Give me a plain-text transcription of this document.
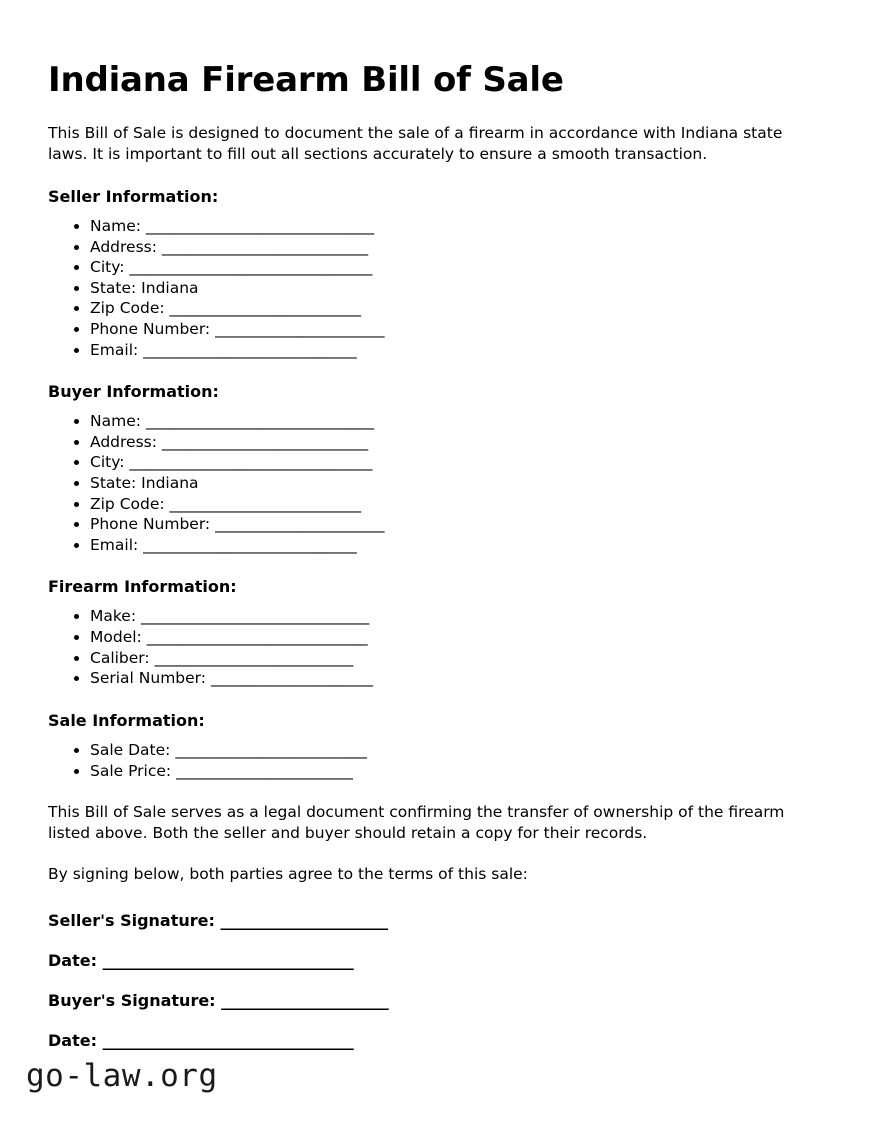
Indiana Firearm Bill of Sale

This Bill of Sale is designed to document the sale of a firearm in accordance with Indiana state laws. It is important to fill out all sections accurately to ensure a smooth transaction.

Seller Information:
• Name: _______________________________
• Address: ____________________________
• City: _________________________________
• State: Indiana
• Zip Code: __________________________
• Phone Number: _______________________
• Email: _____________________________
Buyer Information:
• Name: _______________________________
• Address: ____________________________
• City: _________________________________
• State: Indiana
• Zip Code: __________________________
• Phone Number: _______________________
• Email: _____________________________
Firearm Information:
• Make: _______________________________
• Model: ______________________________
• Caliber: ___________________________
• Serial Number: ______________________
Sale Information:
• Sale Date: __________________________
• Sale Price: ________________________

This Bill of Sale serves as a legal document confirming the transfer of ownership of the firearm listed above. Both the seller and buyer should retain a copy for their records.

By signing below, both parties agree to the terms of this sale:

Seller's Signature: ______________________
Date: _________________________________
Buyer's Signature: ______________________
Date: _________________________________
go-law.org
